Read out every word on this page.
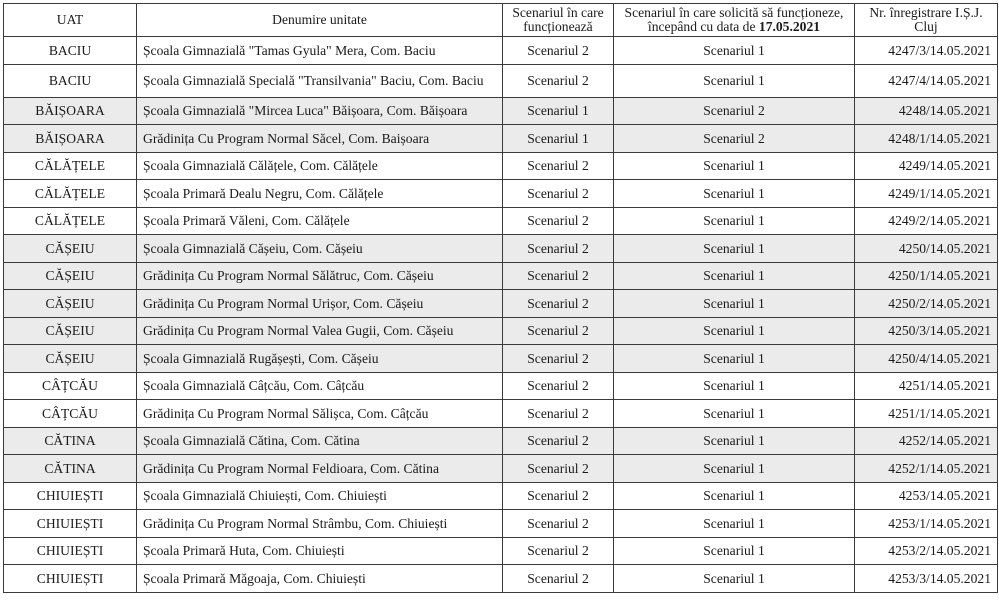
UAT	Denumire unitate	Scenariul în care funcționează	Scenariul în care solicită să funcționeze, începând cu data de 17.05.2021	Nr. înregistrare I.Ș.J. Cluj
BACIU	Școala Gimnazială "Tamas Gyula" Mera, Com. Baciu	Scenariul 2	Scenariul 1	4247/3/14.05.2021
BACIU	Școala Gimnazială Specială "Transilvania" Baciu, Com. Baciu	Scenariul 2	Scenariul 1	4247/4/14.05.2021
BĂIȘOARA	Școala Gimnazială "Mircea Luca" Băișoara, Com. Băișoara	Scenariul 1	Scenariul 2	4248/14.05.2021
BĂIȘOARA	Grădinița Cu Program Normal Săcel, Com. Baișoara	Scenariul 1	Scenariul 2	4248/1/14.05.2021
CĂLĂȚELE	Școala Gimnazială Călățele, Com. Călățele	Scenariul 2	Scenariul 1	4249/14.05.2021
CĂLĂȚELE	Școala Primară Dealu Negru, Com. Călățele	Scenariul 2	Scenariul 1	4249/1/14.05.2021
CĂLĂȚELE	Școala Primară Văleni, Com. Călățele	Scenariul 2	Scenariul 1	4249/2/14.05.2021
CĂȘEIU	Școala Gimnazială Cășeiu, Com. Cășeiu	Scenariul 2	Scenariul 1	4250/14.05.2021
CĂȘEIU	Grădinița Cu Program Normal Sălătruc, Com. Cășeiu	Scenariul 2	Scenariul 1	4250/1/14.05.2021
CĂȘEIU	Grădinița Cu Program Normal Urișor, Com. Cășeiu	Scenariul 2	Scenariul 1	4250/2/14.05.2021
CĂȘEIU	Grădinița Cu Program Normal Valea Gugii, Com. Cășeiu	Scenariul 2	Scenariul 1	4250/3/14.05.2021
CĂȘEIU	Școala Gimnazială Rugășești, Com. Cășeiu	Scenariul 2	Scenariul 1	4250/4/14.05.2021
CÂȚCĂU	Școala Gimnazială Câțcău, Com. Câțcău	Scenariul 2	Scenariul 1	4251/14.05.2021
CÂȚCĂU	Grădinița Cu Program Normal Sălișca, Com. Câțcău	Scenariul 2	Scenariul 1	4251/1/14.05.2021
CĂTINA	Școala Gimnazială Cătina, Com. Cătina	Scenariul 2	Scenariul 1	4252/14.05.2021
CĂTINA	Grădinița Cu Program Normal Feldioara, Com. Cătina	Scenariul 2	Scenariul 1	4252/1/14.05.2021
CHIUIEȘTI	Școala Gimnazială Chiuiești, Com. Chiuiești	Scenariul 2	Scenariul 1	4253/14.05.2021
CHIUIEȘTI	Grădinița Cu Program Normal Strâmbu, Com. Chiuiești	Scenariul 2	Scenariul 1	4253/1/14.05.2021
CHIUIEȘTI	Școala Primară Huta, Com. Chiuiești	Scenariul 2	Scenariul 1	4253/2/14.05.2021
CHIUIEȘTI	Școala Primară Măgoaja, Com. Chiuiești	Scenariul 2	Scenariul 1	4253/3/14.05.2021
